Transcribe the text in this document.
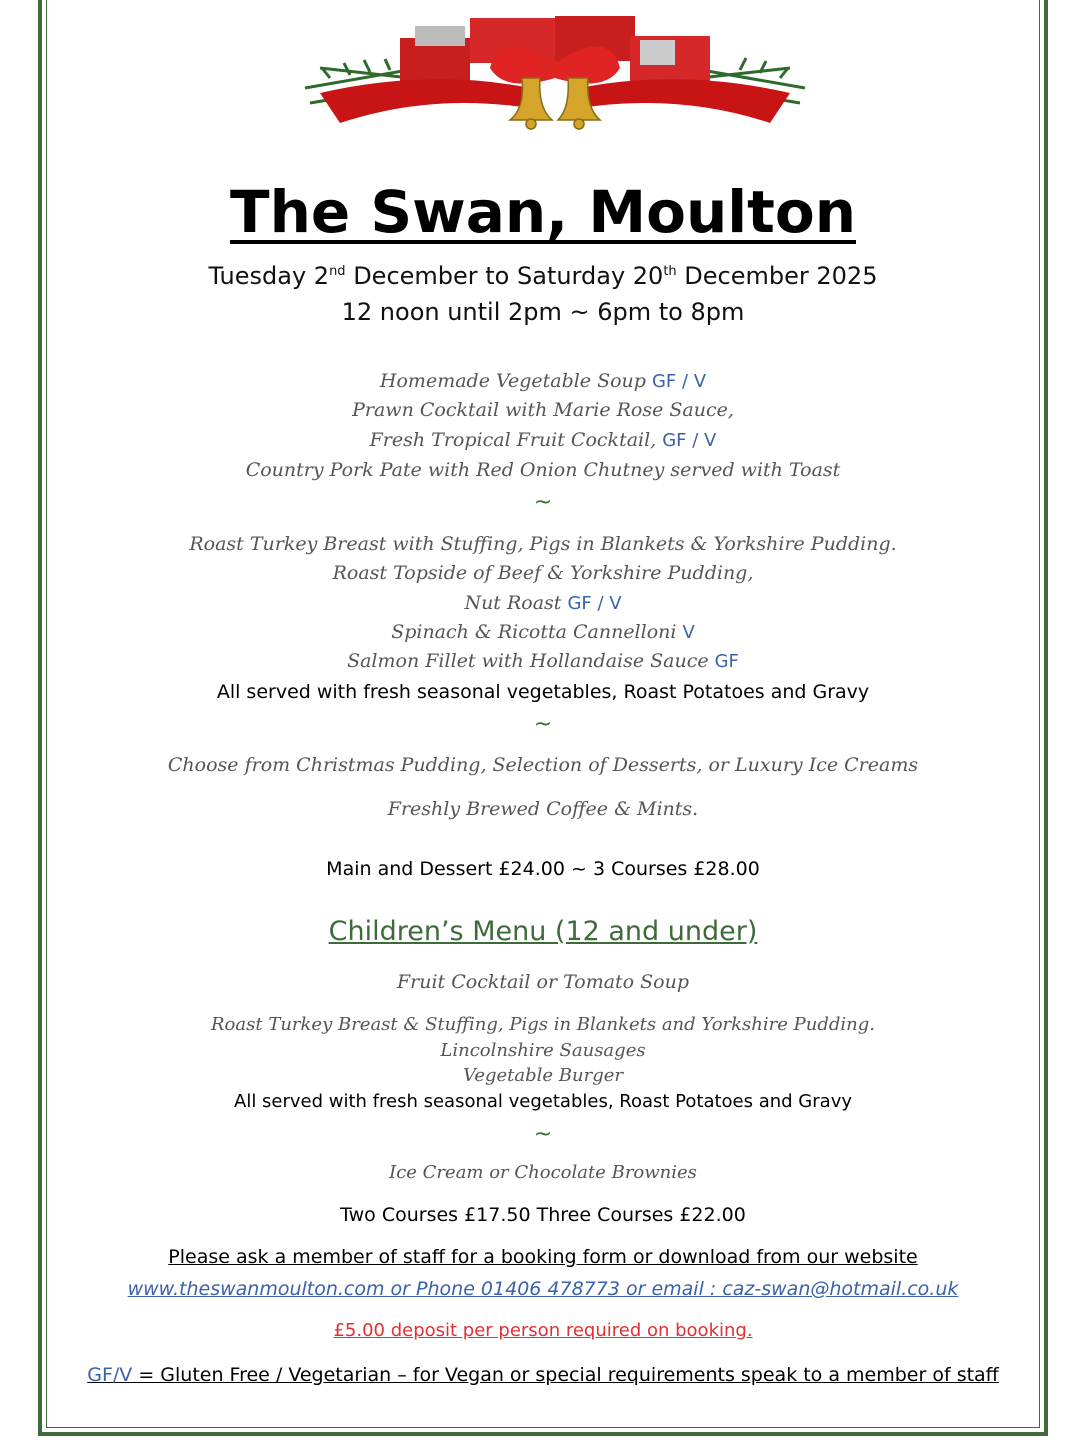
The Swan, Moulton
Tuesday 2nd December to Saturday 20th December 2025
12 noon until 2pm ~ 6pm to 8pm
Homemade Vegetable Soup GF / V
Prawn Cocktail with Marie Rose Sauce,
Fresh Tropical Fruit Cocktail, GF / V
Country Pork Pate with Red Onion Chutney served with Toast
~
Roast Turkey Breast with Stuffing, Pigs in Blankets & Yorkshire Pudding.
Roast Topside of Beef & Yorkshire Pudding,
Nut Roast GF / V
Spinach & Ricotta Cannelloni V
Salmon Fillet with Hollandaise Sauce GF
All served with fresh seasonal vegetables, Roast Potatoes and Gravy
~
Choose from Christmas Pudding, Selection of Desserts, or Luxury Ice Creams
Freshly Brewed Coffee & Mints.
Main and Dessert £24.00 ~ 3 Courses £28.00
Children’s Menu (12 and under)
Fruit Cocktail or Tomato Soup
Roast Turkey Breast & Stuffing, Pigs in Blankets and Yorkshire Pudding.
Lincolnshire Sausages
Vegetable Burger
All served with fresh seasonal vegetables, Roast Potatoes and Gravy
~
Ice Cream or Chocolate Brownies
Two Courses £17.50 Three Courses £22.00
Please ask a member of staff for a booking form or download from our website
www.theswanmoulton.com or Phone 01406 478773 or email : caz-swan@hotmail.co.uk
£5.00 deposit per person required on booking.
GF/V = Gluten Free / Vegetarian – for Vegan or special requirements speak to a member of staff
